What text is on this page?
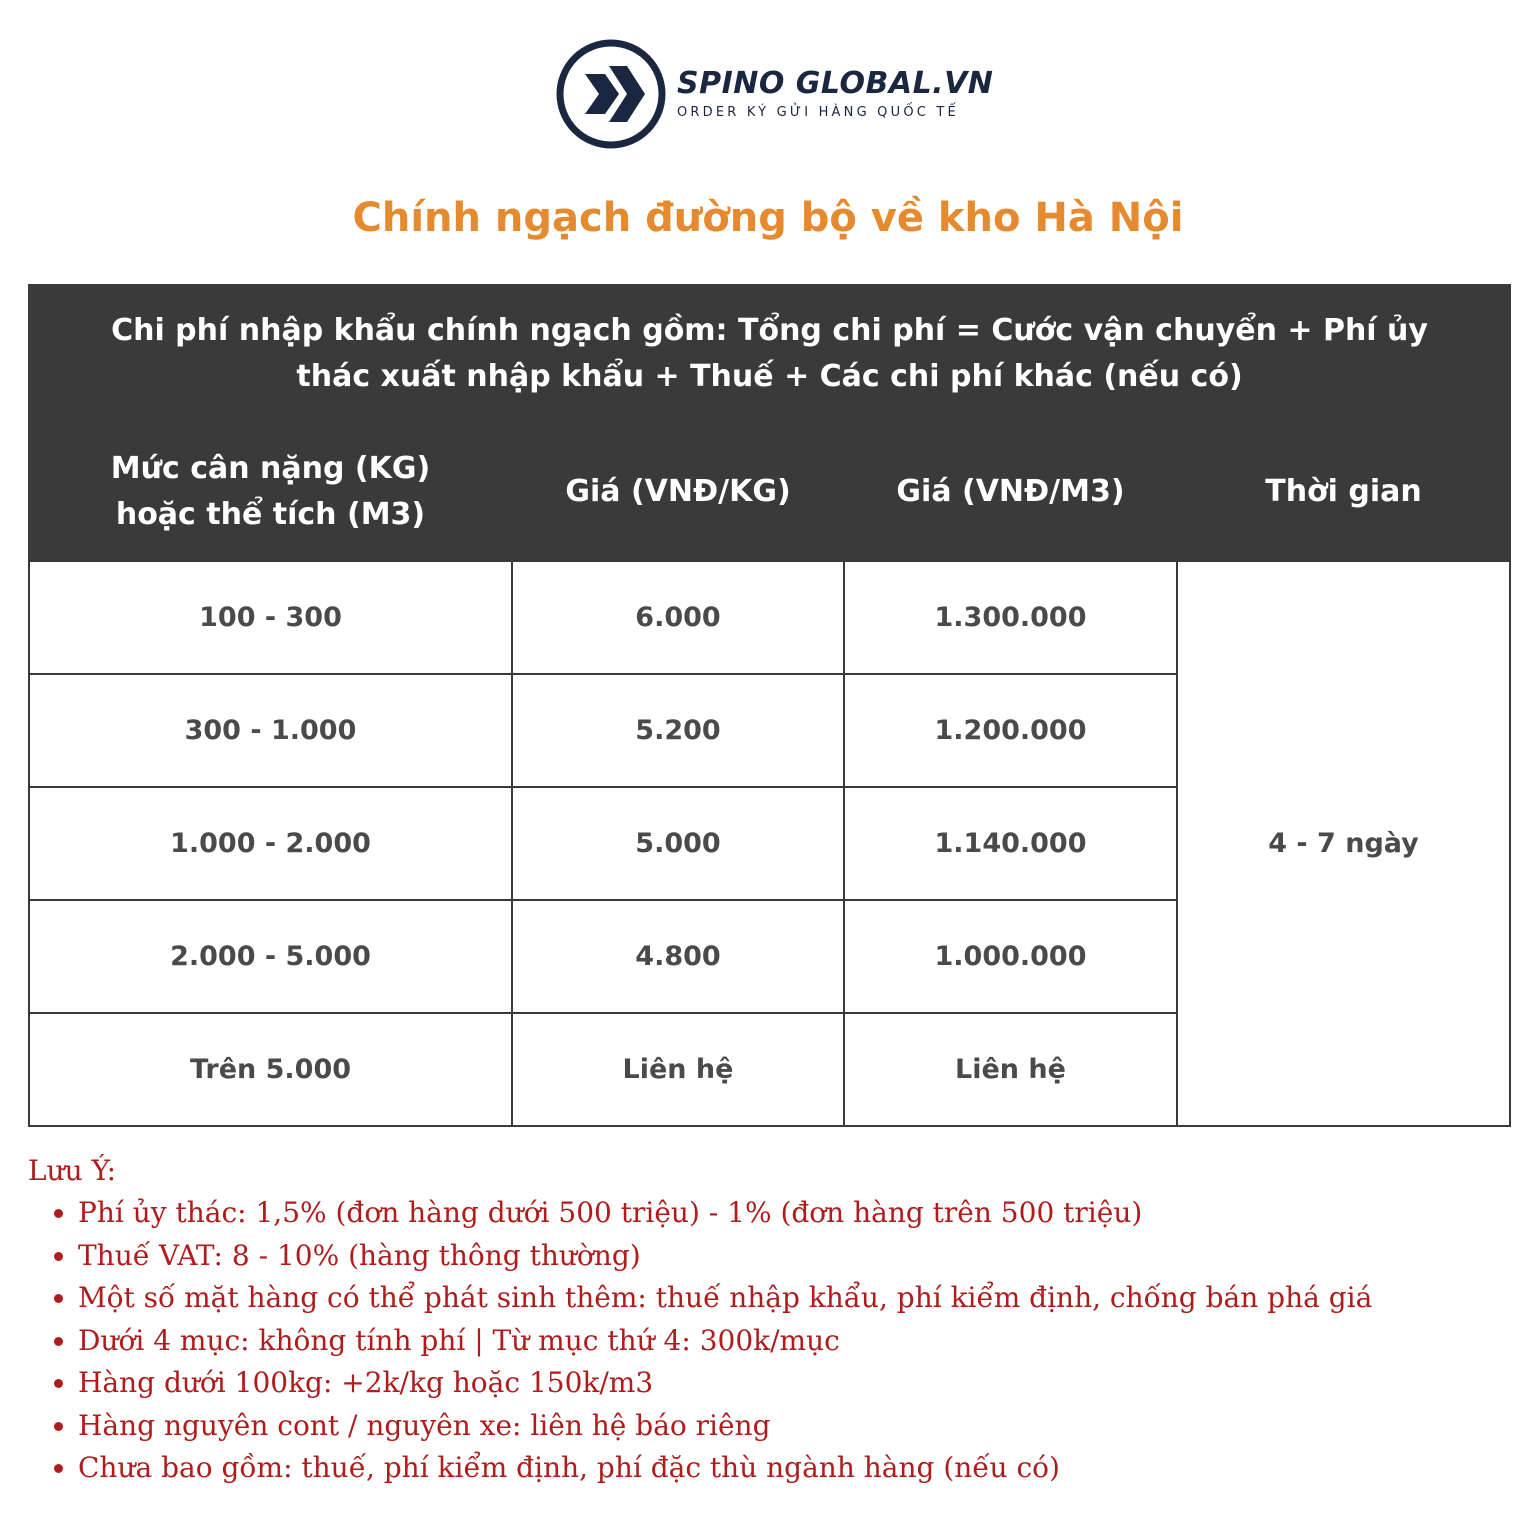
SPINO GLOBAL.VN
ORDER KÝ GỬI HÀNG QUỐC TẾ
Chính ngạch đường bộ về kho Hà Nội
Chi phí nhập khẩu chính ngạch gồm: Tổng chi phí = Cước vận chuyển + Phí ủy thác xuất nhập khẩu + Thuế + Các chi phí khác (nếu có)			
Mức cân nặng (KG)
hoặc thể tích (M3)	Giá (VNĐ/KG)	Giá (VNĐ/M3)	Thời gian
100 - 300	6.000	1.300.000	4 - 7 ngày
300 - 1.000	5.200	1.200.000	
1.000 - 2.000	5.000	1.140.000	
2.000 - 5.000	4.800	1.000.000	
Trên 5.000	Liên hệ	Liên hệ	
Lưu Ý:
• Phí ủy thác: 1,5% (đơn hàng dưới 500 triệu) - 1% (đơn hàng trên 500 triệu)
• Thuế VAT: 8 - 10% (hàng thông thường)
• Một số mặt hàng có thể phát sinh thêm: thuế nhập khẩu, phí kiểm định, chống bán phá giá
• Dưới 4 mục: không tính phí | Từ mục thứ 4: 300k/mục
• Hàng dưới 100kg: +2k/kg hoặc 150k/m3
• Hàng nguyên cont / nguyên xe: liên hệ báo riêng
• Chưa bao gồm: thuế, phí kiểm định, phí đặc thù ngành hàng (nếu có)
